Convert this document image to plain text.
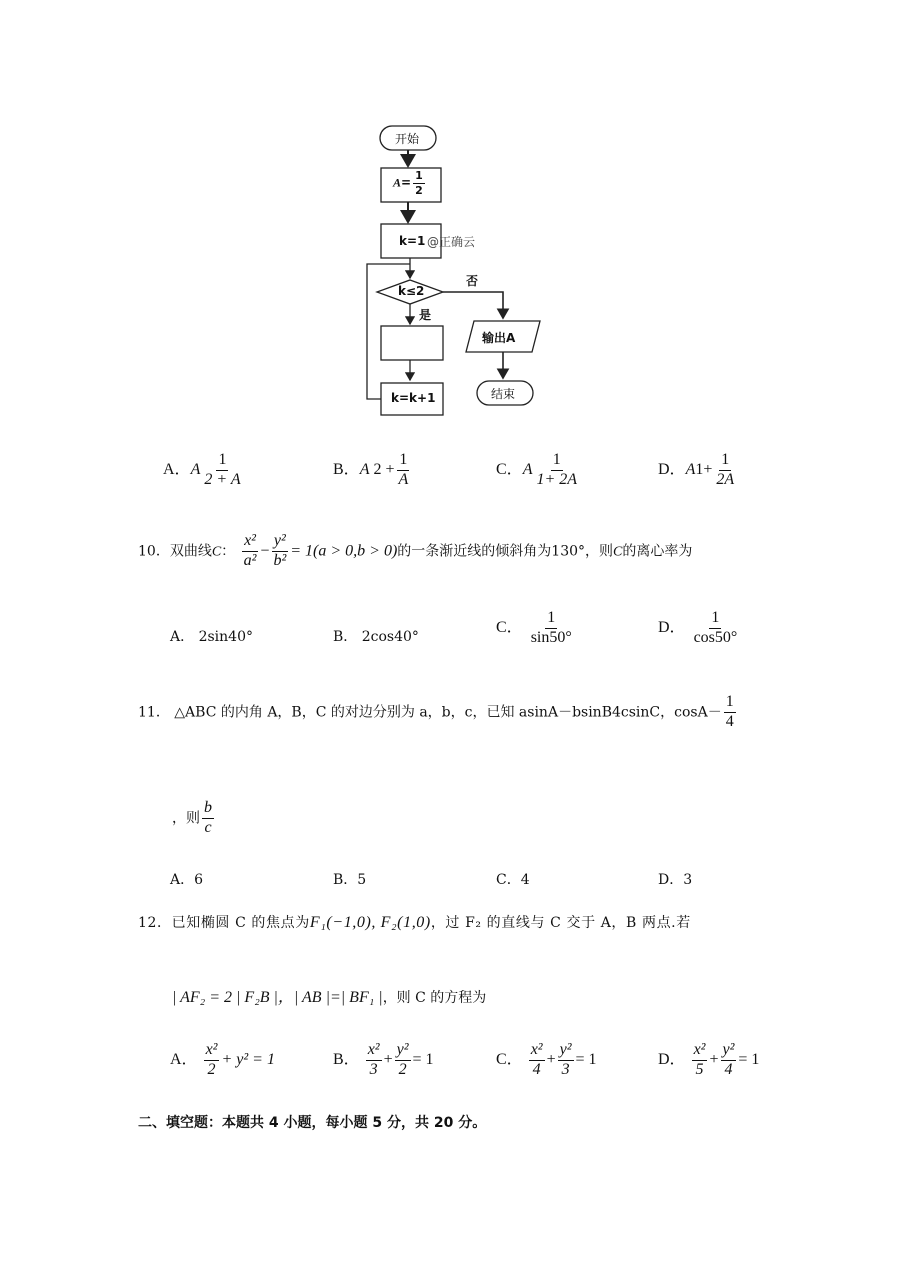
开始
$A= \frac{1}{2}$
k=1 @正确云
k≤2
否
是
输出A
k=k+1	结束
A．A $\frac{1}{2 + A}$	B．A $2 + \frac{1}{A}$	C．A $\frac{1}{1+ 2A}$	D．$A1+ \frac{1}{2A}$
10．双曲线C： $\frac{\text{x²}}{\text{a²}} - \frac{\text{y²}}{\text{b²}} = 1(a > 0,b > 0)$的一条渐近线的倾斜角为130°，则C的离心率为
A． 2sin40°	B． 2cos40°
C． $\frac{1}{\sin 50^\circ}$	D． $\frac{1}{\cos 50^\circ}$
11． △ABC 的内角 A，B，C 的对边分别为 a，b，c，已知 asinA－bsinB4csinC，$\cos A- \frac{1}{4}$
，则 $\frac{b}{c}$
A．6	B．5	C．4	D．3
12．已知椭圆 C 的焦点为F₁(−1,0), F₂(1,0)，过 F₂ 的直线与 C 交于 A，B 两点.若
| AF₂ = 2 | F₂B |，| AB |=| BF₁ |，则 C 的方程为
A． $\frac{\text{x²}}{2} + y^2 = 1$	B． $\frac{\text{x²}}{3} + \frac{\text{y²}}{2} = 1$	C． $\frac{\text{x²}}{4} + \frac{\text{y²}}{3} = 1$	D． $\frac{\text{x²}}{5} + \frac{\text{y²}}{4} = 1$
二、填空题：本题共 4 小题，每小题 5 分，共 20 分。
